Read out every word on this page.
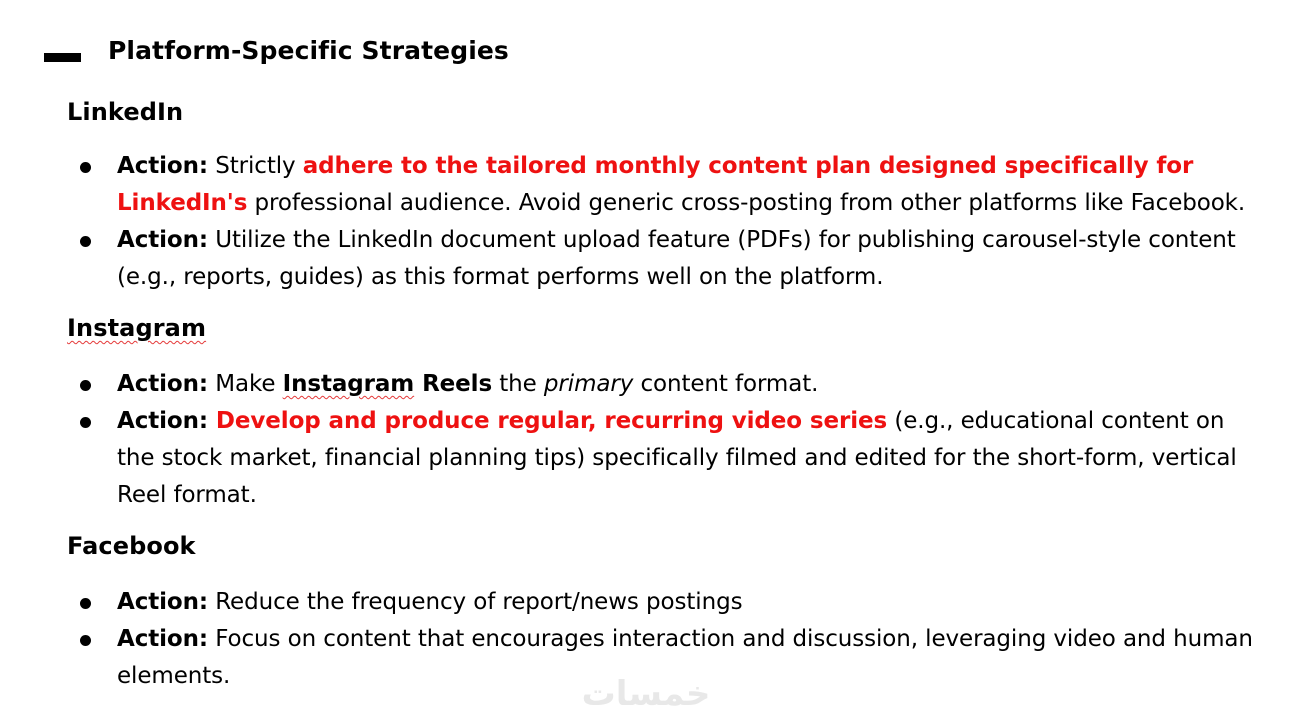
Platform-Specific Strategies
LinkedIn
Action: Strictly adhere to the tailored monthly content plan designed specifically for LinkedIn's professional audience. Avoid generic cross-posting from other platforms like Facebook.
Action: Utilize the LinkedIn document upload feature (PDFs) for publishing carousel-style content (e.g., reports, guides) as this format performs well on the platform.
Instagram
Action: Make Instagram Reels the primary content format.
Action: Develop and produce regular, recurring video series (e.g., educational content on the stock market, financial planning tips) specifically filmed and edited for the short-form, vertical Reel format.
Facebook
Action: Reduce the frequency of report/news postings
Action: Focus on content that encourages interaction and discussion, leveraging video and human elements.	خمسات
